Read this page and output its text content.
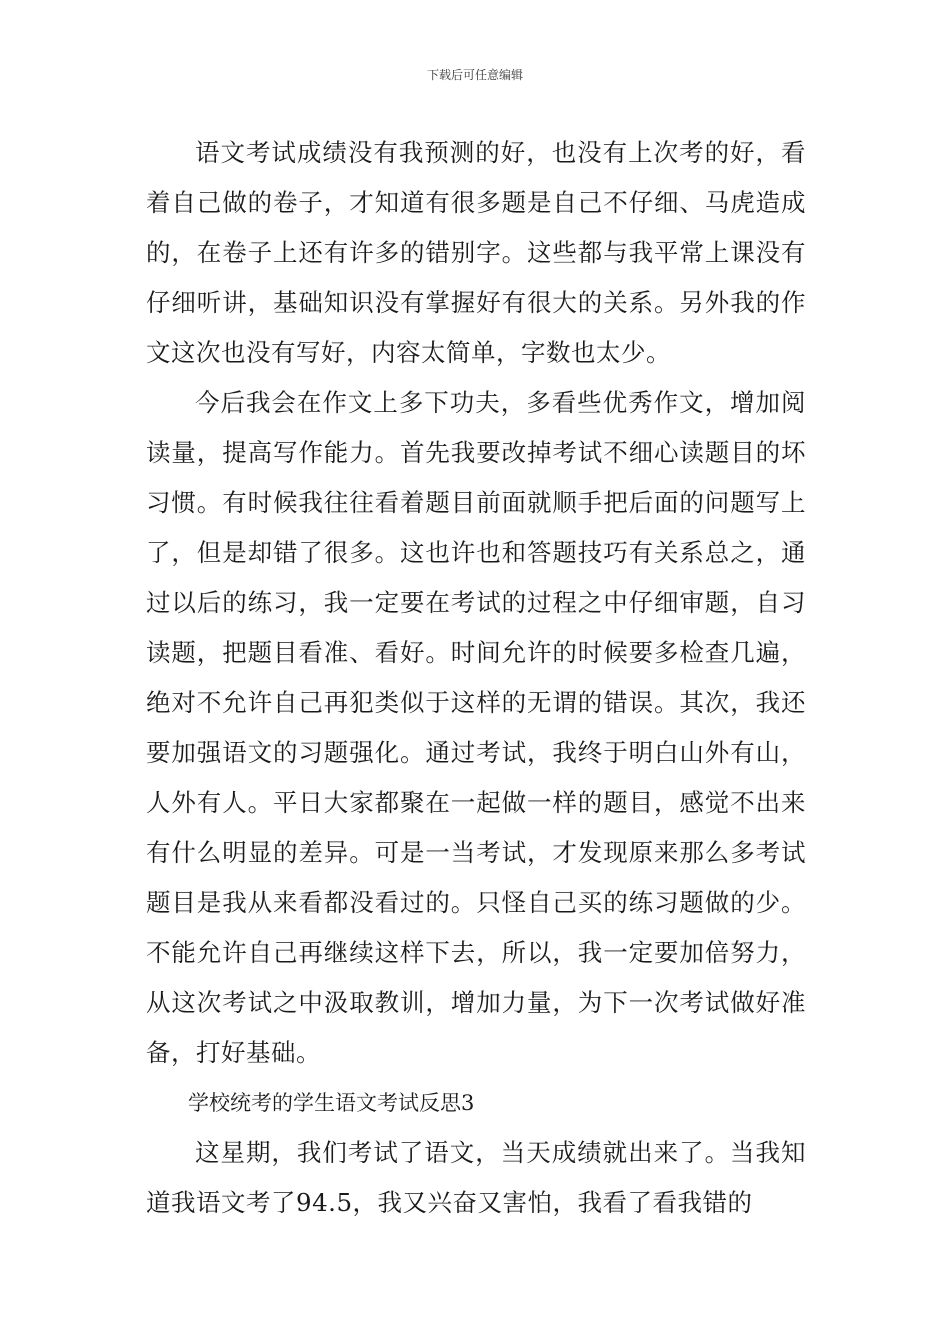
下载后可任意编辑

语文考试成绩没有我预测的好，也没有上次考的好，看着自己做的卷子，才知道有很多题是自己不仔细、马虎造成的，在卷子上还有许多的错别字。这些都与我平常上课没有仔细听讲，基础知识没有掌握好有很大的关系。另外我的作文这次也没有写好，内容太简单，字数也太少。

今后我会在作文上多下功夫，多看些优秀作文，增加阅读量，提高写作能力。首先我要改掉考试不细心读题目的坏习惯。有时候我往往看着题目前面就顺手把后面的问题写上了，但是却错了很多。这也许也和答题技巧有关系总之，通过以后的练习，我一定要在考试的过程之中仔细审题，自习读题，把题目看准、看好。时间允许的时候要多检查几遍，绝对不允许自己再犯类似于这样的无谓的错误。其次，我还要加强语文的习题强化。通过考试，我终于明白山外有山，人外有人。平日大家都聚在一起做一样的题目，感觉不出来有什么明显的差异。可是一当考试，才发现原来那么多考试题目是我从来看都没看过的。只怪自己买的练习题做的少。不能允许自己再继续这样下去，所以，我一定要加倍努力，从这次考试之中汲取教训，增加力量，为下一次考试做好准备，打好基础。

学校统考的学生语文考试反思3

这星期，我们考试了语文，当天成绩就出来了。当我知道我语文考了94.5，我又兴奋又害怕，我看了看我错的
